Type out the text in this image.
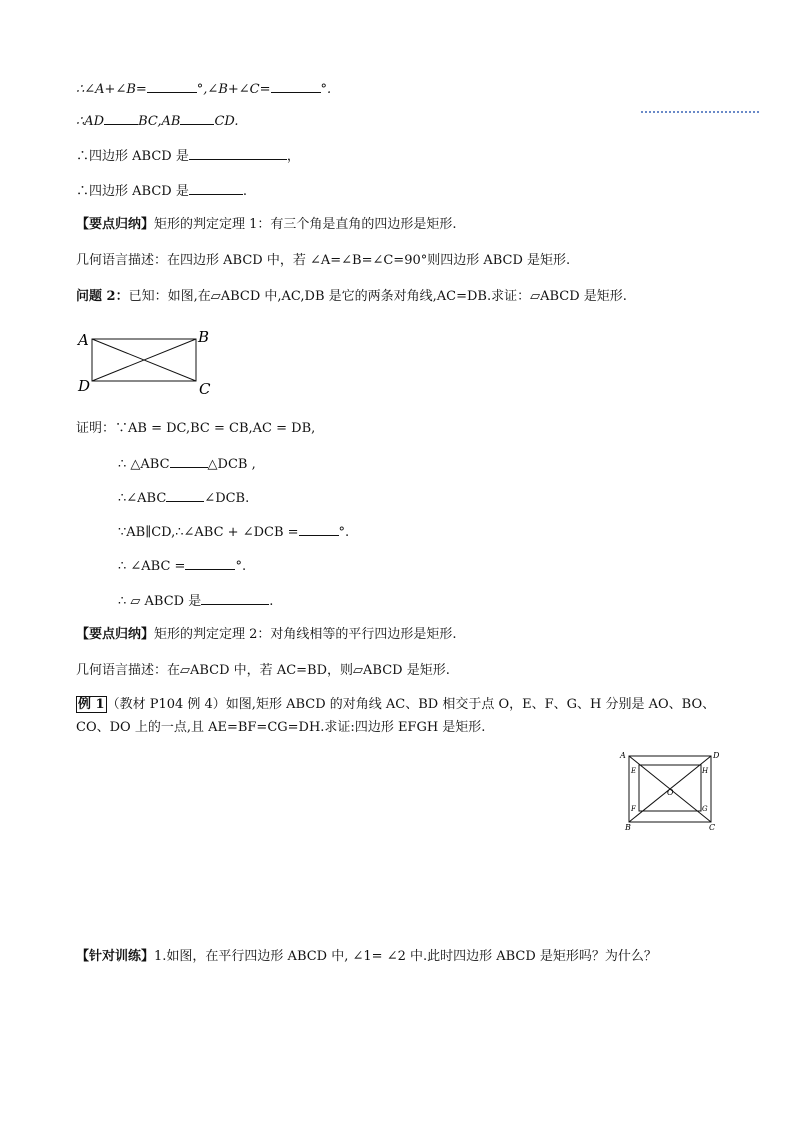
∴∠A+∠B=	°,∠B+∠C=	°.
∴AD	BC,AB	CD.
∴四边形 ABCD 是	，
∴四边形 ABCD 是	.
【要点归纳】矩形的判定定理 1：有三个角是直角的四边形是矩形.
几何语言描述：在四边形 ABCD 中，若 ∠A=∠B=∠C=90°则四边形 ABCD 是矩形.
问题 2：已知：如图,在▱ABCD 中,AC,DB 是它的两条对角线,AC=DB.求证：▱ABCD 是矩形.
A	B
C
D
证明：∵AB = DC,BC = CB,AC = DB,
∴ △ABC	△DCB ,
∴∠ABC	∠DCB.
∵AB∥CD,∴∠ABC + ∠DCB =	°.
∴ ∠ABC =	°.
∴ ▱ ABCD 是	.
【要点归纳】矩形的判定定理 2：对角线相等的平行四边形是矩形.
几何语言描述：在▱ABCD 中，若 AC=BD，则▱ABCD 是矩形.
例 1 （教材 P104 例 4）如图,矩形 ABCD 的对角线 AC、BD 相交于点 O，E、F、G、H 分别是 AO、BO、
CO、DO 上的一点,且 AE=BF=CG=DH.求证:四边形 EFGH 是矩形.
A	D
B	C
E	H
F	G
O
【针对训练】1.如图，在平行四边形 ABCD 中, ∠1= ∠2 中.此时四边形 ABCD 是矩形吗？为什么？
